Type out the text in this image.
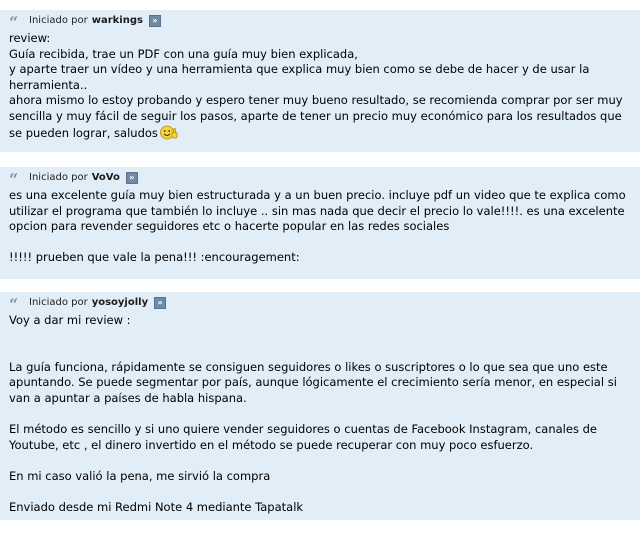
“	Iniciado por warkings	»

review:

Guía recibida, trae un PDF con una guía muy bien explicada,

y aparte traer un vídeo y una herramienta que explica muy bien como se debe de hacer y de usar la herramienta..

ahora mismo lo estoy probando y espero tener muy bueno resultado, se recomienda comprar por ser muy sencilla y muy fácil de seguir los pasos, aparte de tener un precio muy económico para los resultados que se pueden lograr, saludos

“	Iniciado por VoVo	»

es una excelente guía muy bien estructurada y a un buen precio. incluye pdf un video que te explica como utilizar el programa que también lo incluye .. sin mas nada que decir el precio lo vale!!!!. es una excelente opcion para revender seguidores etc o hacerte popular en las redes sociales

!!!!! prueben que vale la pena!!! :encouragement:

“	Iniciado por yosoyjolly	»

Voy a dar mi review :

La guía funciona, rápidamente se consiguen seguidores o likes o suscriptores o lo que sea que uno este apuntando. Se puede segmentar por país, aunque lógicamente el crecimiento sería menor, en especial si van a apuntar a países de habla hispana.

El método es sencillo y si uno quiere vender seguidores o cuentas de Facebook Instagram, canales de Youtube, etc , el dinero invertido en el método se puede recuperar con muy poco esfuerzo.

En mi caso valió la pena, me sirvió la compra

Enviado desde mi Redmi Note 4 mediante Tapatalk
